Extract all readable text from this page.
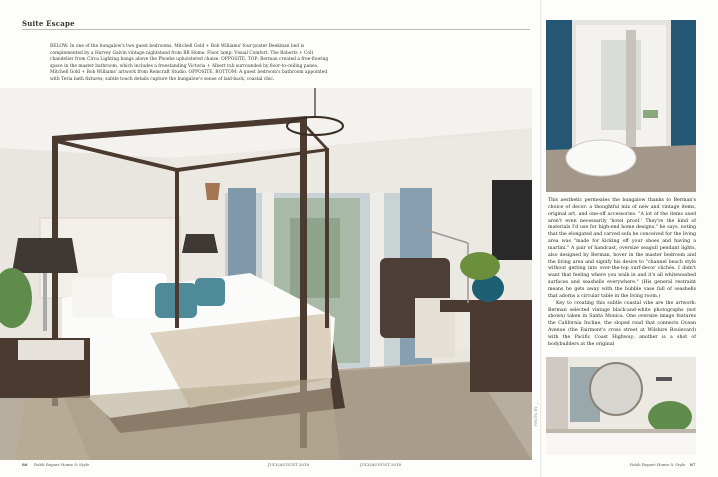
Suite Escape
BELOW: In one of the bungalow's two guest bedrooms, Mitchell Gold + Bob Williams' four-poster Beekman bed is complemented by a Harvey Galvin vintage nightstand from BR Home. Floor lamp: Visual Comfort. The Roberts + Colt chandelier from Circa Lighting hangs above the Phoebe upholstered chaise. OPPOSITE, TOP: Berman created a free-flowing space in the master bathroom, which includes a freestanding Victoria + Albert tub surrounded by floor-to-ceiling panes. Mitchell Gold + Bob Williams' artwork from Remcraft Studio. OPPOSITE, BOTTOM: A guest bedroom's bathroom appointed with Teria bath fixtures; subtle touch details capture the bungalow's sense of laid-back, coastal chic.
PHOTO BY ___

This aesthetic permeates the bungalow thanks to Berman's choice of decor: a thoughtful mix of new and vintage items, original art, and one-off accessories. "A lot of the items used aren't even necessarily 'hotel proof.' They're the kind of materials I'd use for high-end home designs," he says, noting that the elongated and carved sofa he conceived for the living area was "made for kicking off your shoes and having a martini." A pair of handcast, oversize seagull pendant lights, also designed by Berman, hover in the master bedroom and the living area and signify his desire to "channel beach style without getting into over-the-top surf-decor clichés. I didn't want that feeling where you walk in and it's all whitewashed surfaces and seashells everywhere." (His general restraint means he gets away with the bubble vase full of seashells that adorns a circular table in the living room.)

Key to creating this subtle coastal vibe are the artwork: Berman selected vintage black-and-white photographs (not shown) taken in Santa Monica. One oversize image features the California Incline, the sloped road that connects Ocean Avenue (the Fairmont's cross street at Wilshire Boulevard) with the Pacific Coast Highway; another is a shot of bodybuilders at the original

86 Robb Report Home & Style	JULY/AUGUST 2018	JULY/AUGUST 2018	Robb Report Home & Style 87
